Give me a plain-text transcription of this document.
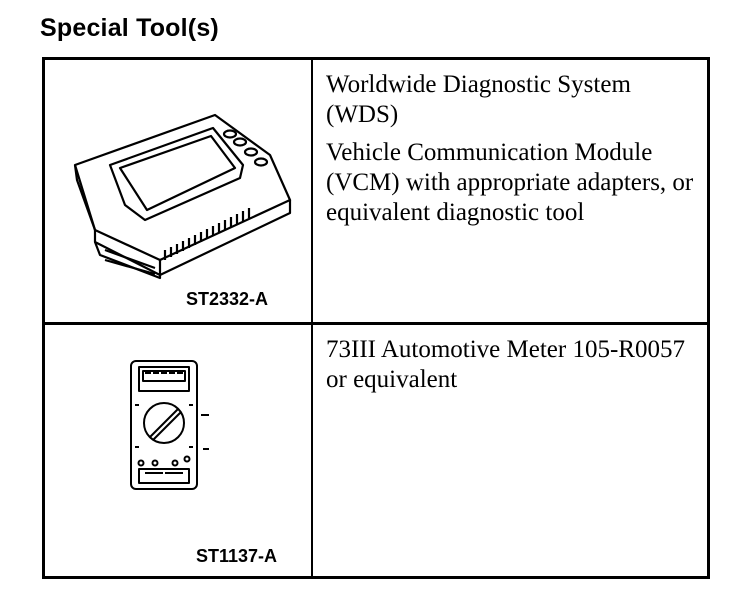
Special Tool(s)
ST2332-A

Worldwide Diagnostic System (WDS)

Vehicle Communication Module (VCM) with appropriate adapters, or equivalent diagnostic tool

ST1137-A

73III Automotive Meter 105-R0057 or equivalent
